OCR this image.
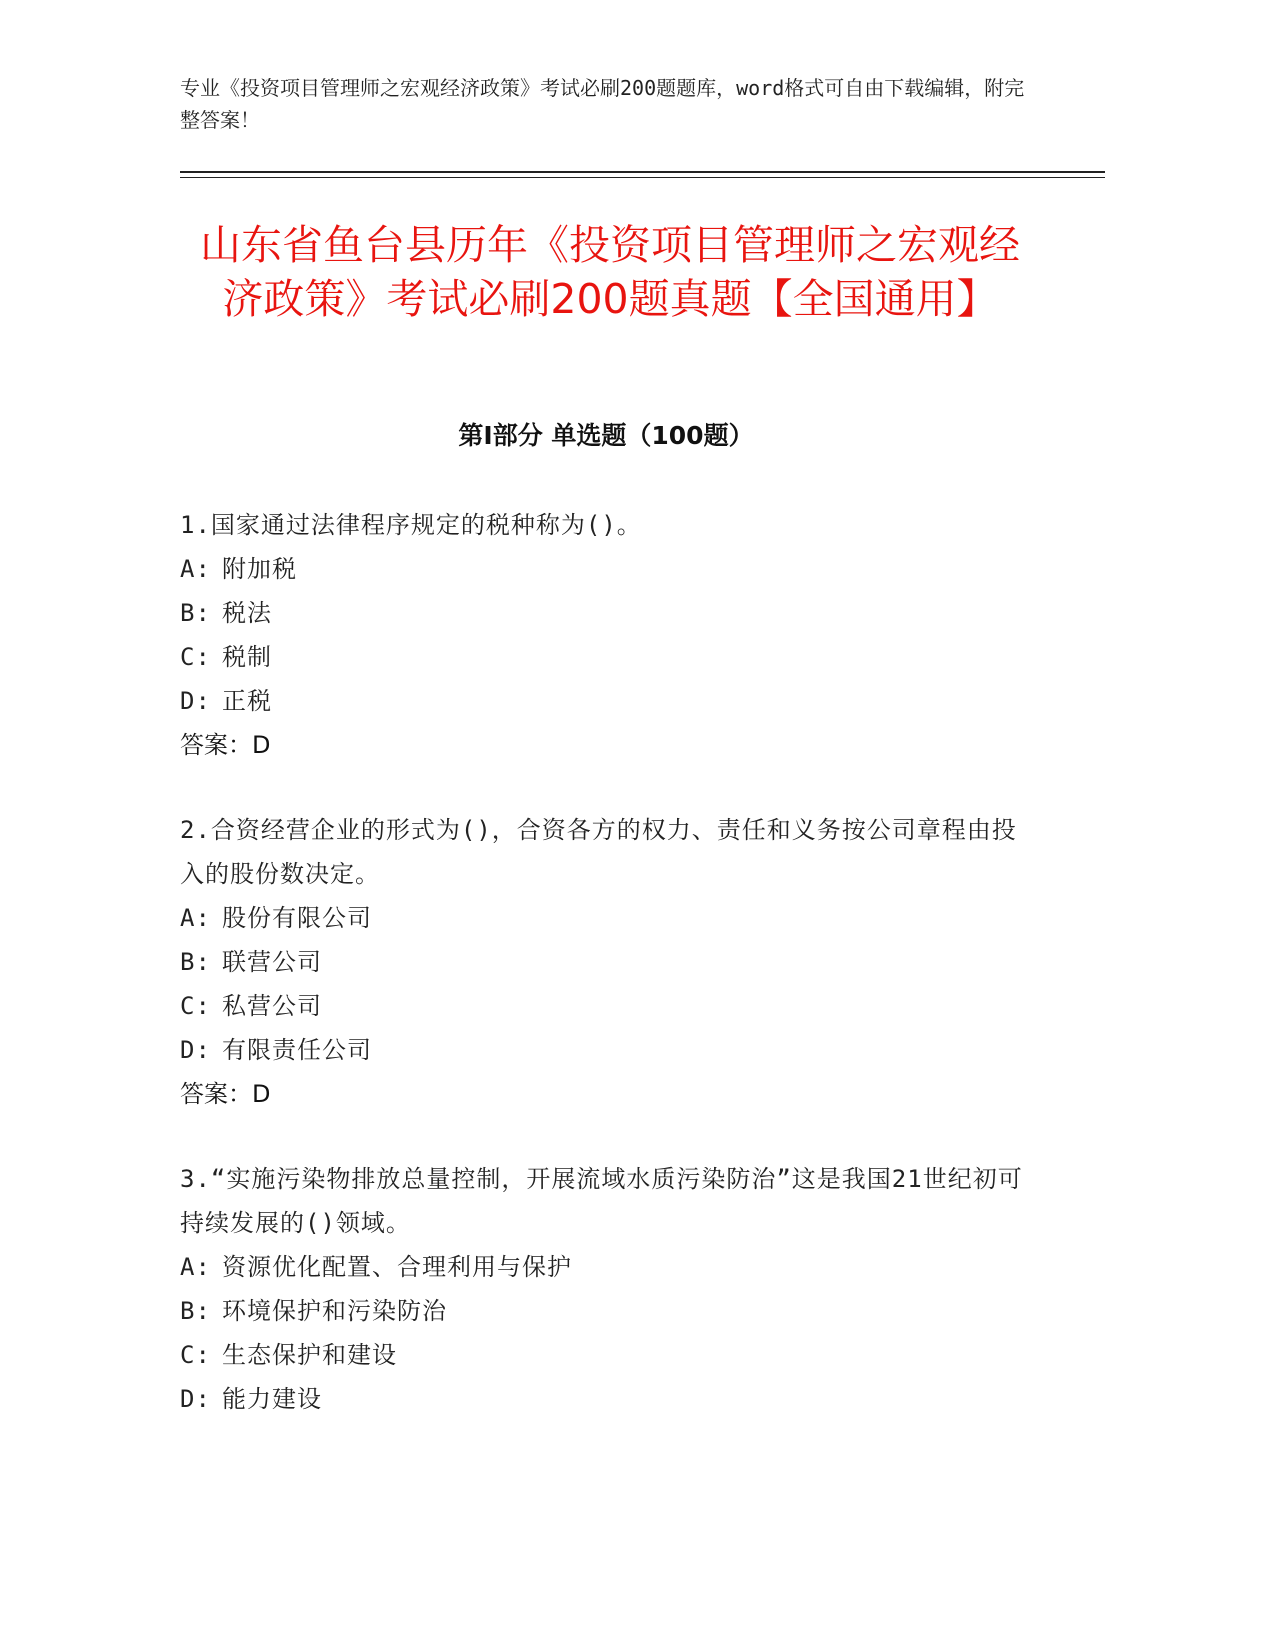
专业《投资项目管理师之宏观经济政策》考试必刷200题题库，word格式可自由下载编辑，附完整答案！
山东省鱼台县历年《投资项目管理师之宏观经济政策》考试必刷200题真题【全国通用】
第Ⅰ部分 单选题（100题）

1.国家通过法律程序规定的税种称为()。

A: 附加税

B: 税法

C: 税制

D: 正税

答案：D

2.合资经营企业的形式为()，合资各方的权力、责任和义务按公司章程由投入的股份数决定。

A: 股份有限公司

B: 联营公司

C: 私营公司

D: 有限责任公司

答案：D

3.“实施污染物排放总量控制，开展流域水质污染防治”这是我国21世纪初可持续发展的()领域。

A: 资源优化配置、合理利用与保护

B: 环境保护和污染防治

C: 生态保护和建设

D: 能力建设
